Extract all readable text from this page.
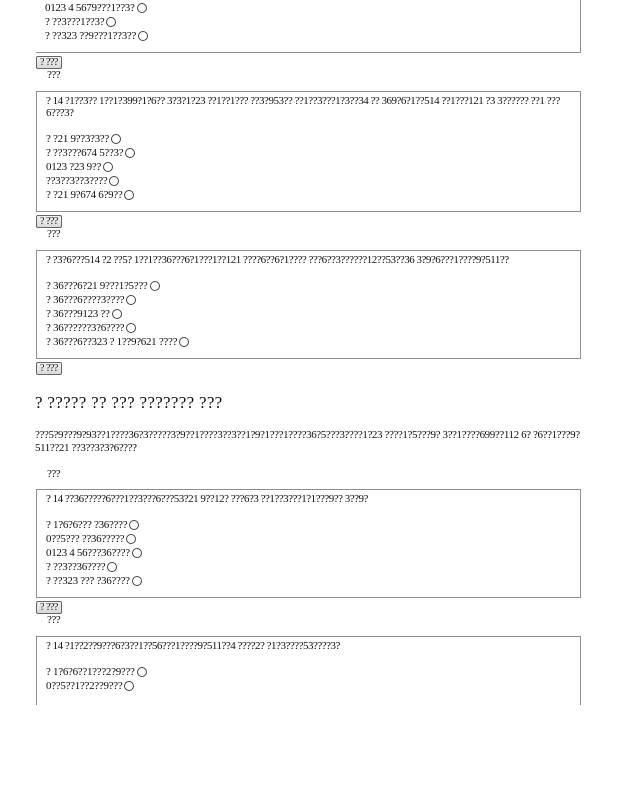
0123 4 5679???1??3?
? ??3???1??3?
? ??323 ??9???1??3??
? ???
???
? 14 ?1??3?? 1??1?399?1?6?? 3?3?1?23 ??1??1??? ??3?953?? ??1??3???1?3??34 ?? 369?6?1??514 ??1???121 ?3 3?????? ??1 ???6???3?
? ?21 9??3?3??
? ??3???674 5??3?
0123 ?23 9??
??3??3??3????
? ?21 9?674 6?9??
? ???
???
? ?3?6???514 ?2 ??5? 1??1??36???6?1???1??121 ????6??6?1???? ???6??3??????12??53??36 3?9?6???1????9?511??
? 36???6?21 9???1?5???
? 36???6????3????
? 36???9123 ??
? 36??????3?6????
? 36???6??323 ? 1??9?621 ????
? ???
? ????? ?? ??? ??????? ???
???5?9???9?93??1????36?3?????3?9??1????3??3??1?9?1???1????36?5???3????1?23 ????1?5???9? 3??1????699??112 6? ?6??1???9?511??21 ??3??3?3?6????
???
? 14 ??36?????6???1??3???6???53?21 9??12? ???6?3 ??1??3???1?1???9?? 3??9?
? 1?6?6??? ?36????
0??5??? ??36?????
0123 4 56???36????
? ??3??36????
? ??323 ??? ?36????
? ???
???
? 14 ?1??2??9???6?3??1??56???1????9?511??4 ????2? ?1?3????53????3?
? 1?6?6??1???2?9???
0??5??1??2??9???
